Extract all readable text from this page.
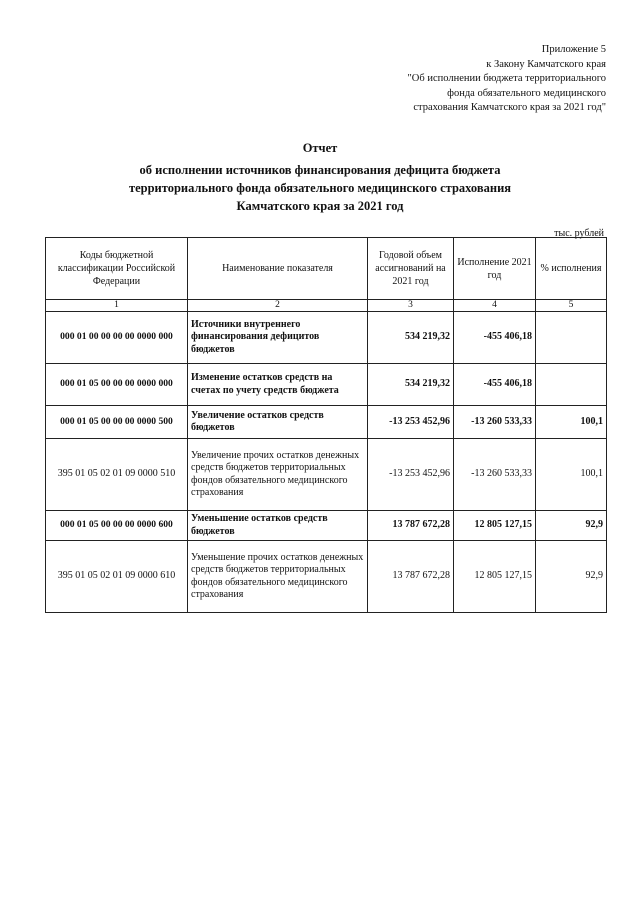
Приложение 5
к Закону Камчатского края
"Об исполнении бюджета территориального
фонда обязательного медицинского
страхования Камчатского края за 2021 год"
Отчет
об исполнении источников финансирования дефицита бюджета
территориального фонда обязательного медицинского страхования
Камчатского края за 2021 год
тыс. рублей
Коды бюджетной классификации Российской Федерации	Наименование показателя	Годовой объем ассигнований на 2021 год	Исполнение 2021 год	% исполнения
1	2	3	4	5
000 01 00 00 00 00 0000 000	Источники внутреннего финансирования дефицитов бюджетов	534 219,32	-455 406,18	
000 01 05 00 00 00 0000 000	Изменение остатков средств на счетах по учету средств бюджета	534 219,32	-455 406,18	
000 01 05 00 00 00 0000 500	Увеличение остатков средств бюджетов	-13 253 452,96	-13 260 533,33	100,1
395 01 05 02 01 09 0000 510	Увеличение прочих остатков денежных средств бюджетов территориальных фондов обязательного медицинского страхования	-13 253 452,96	-13 260 533,33	100,1
000 01 05 00 00 00 0000 600	Уменьшение остатков средств бюджетов	13 787 672,28	12 805 127,15	92,9
395 01 05 02 01 09 0000 610	Уменьшение прочих остатков денежных средств бюджетов территориальных фондов обязательного медицинского страхования	13 787 672,28	12 805 127,15	92,9
